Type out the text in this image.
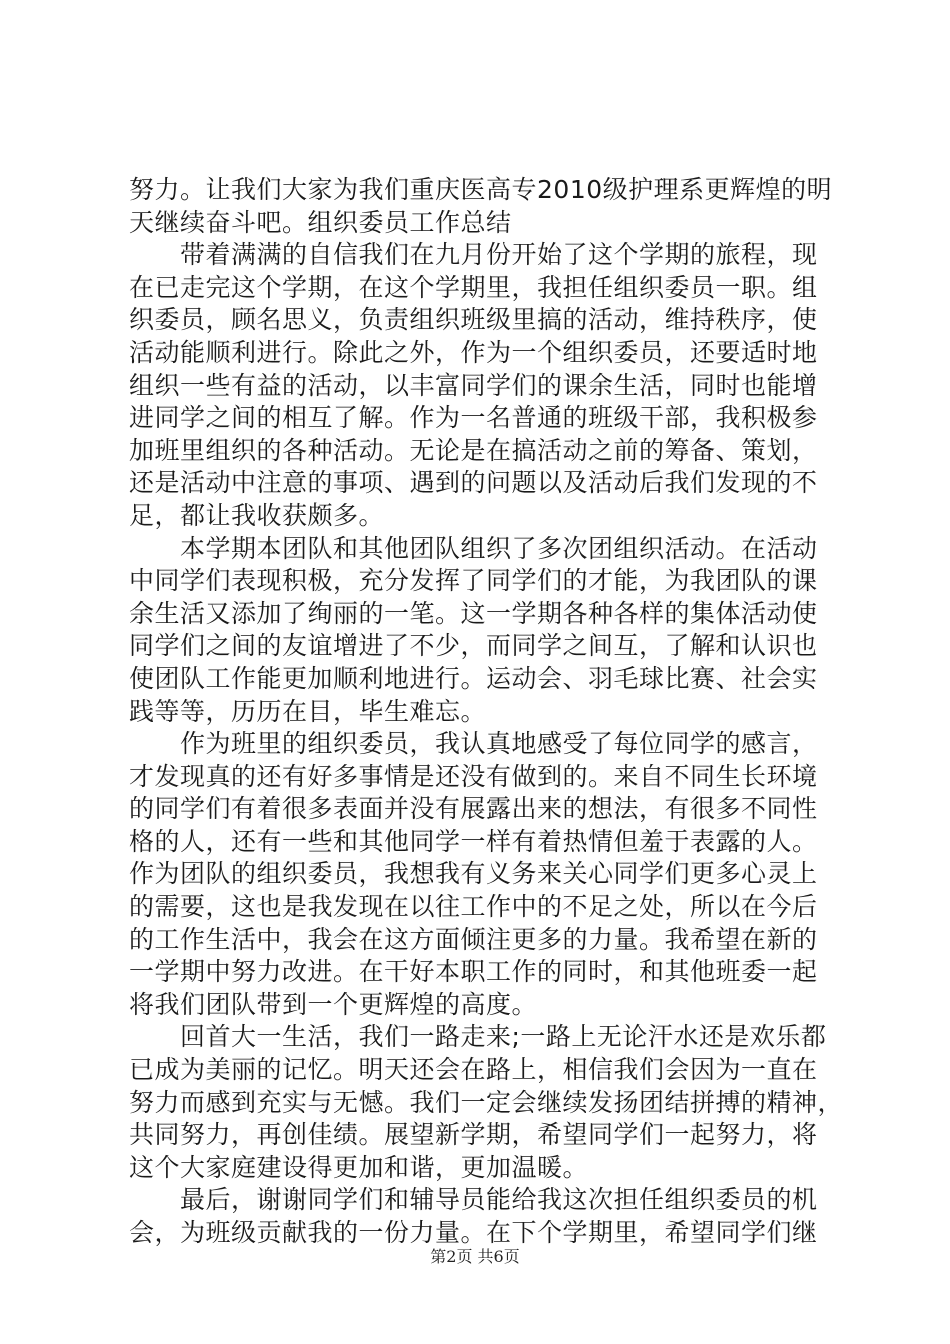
努力。让我们大家为我们重庆医高专2010级护理系更辉煌的明
天继续奋斗吧。组织委员工作总结
带着满满的自信我们在九月份开始了这个学期的旅程，现
在已走完这个学期，在这个学期里，我担任组织委员一职。组
织委员，顾名思义，负责组织班级里搞的活动，维持秩序，使
活动能顺利进行。除此之外，作为一个组织委员，还要适时地
组织一些有益的活动，以丰富同学们的课余生活，同时也能增
进同学之间的相互了解。作为一名普通的班级干部，我积极参
加班里组织的各种活动。无论是在搞活动之前的筹备、策划，
还是活动中注意的事项、遇到的问题以及活动后我们发现的不
足，都让我收获颇多。
本学期本团队和其他团队组织了多次团组织活动。在活动
中同学们表现积极，充分发挥了同学们的才能，为我团队的课
余生活又添加了绚丽的一笔。这一学期各种各样的集体活动使
同学们之间的友谊增进了不少，而同学之间互，了解和认识也
使团队工作能更加顺利地进行。运动会、羽毛球比赛、社会实
践等等，历历在目，毕生难忘。
作为班里的组织委员，我认真地感受了每位同学的感言，
才发现真的还有好多事情是还没有做到的。来自不同生长环境
的同学们有着很多表面并没有展露出来的想法，有很多不同性
格的人，还有一些和其他同学一样有着热情但羞于表露的人。
作为团队的组织委员，我想我有义务来关心同学们更多心灵上
的需要，这也是我发现在以往工作中的不足之处，所以在今后
的工作生活中，我会在这方面倾注更多的力量。我希望在新的
一学期中努力改进。在干好本职工作的同时，和其他班委一起
将我们团队带到一个更辉煌的高度。
回首大一生活，我们一路走来;一路上无论汗水还是欢乐都
已成为美丽的记忆。明天还会在路上，相信我们会因为一直在
努力而感到充实与无憾。我们一定会继续发扬团结拼搏的精神，
共同努力，再创佳绩。展望新学期，希望同学们一起努力，将
这个大家庭建设得更加和谐，更加温暖。
最后，谢谢同学们和辅导员能给我这次担任组织委员的机
会，为班级贡献我的一份力量。在下个学期里，希望同学们继
第2页 共6页
